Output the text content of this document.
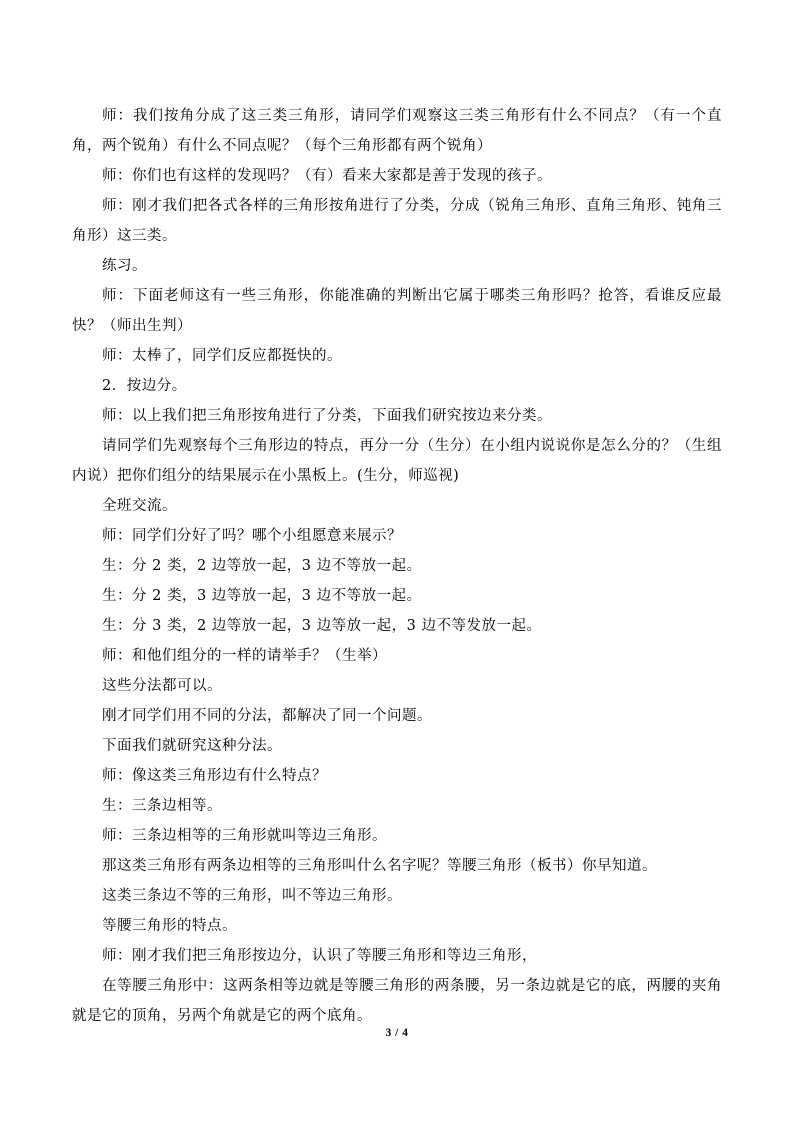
师：我们按角分成了这三类三角形，请同学们观察这三类三角形有什么不同点？（有一个直角，两个锐角）有什么不同点呢？（每个三角形都有两个锐角）

师：你们也有这样的发现吗？（有）看来大家都是善于发现的孩子。

师：刚才我们把各式各样的三角形按角进行了分类，分成（锐角三角形、直角三角形、钝角三角形）这三类。

练习。

师：下面老师这有一些三角形，你能准确的判断出它属于哪类三角形吗？抢答，看谁反应最快？（师出生判）

师：太棒了，同学们反应都挺快的。

2．按边分。

师：以上我们把三角形按角进行了分类，下面我们研究按边来分类。

请同学们先观察每个三角形边的特点，再分一分（生分）在小组内说说你是怎么分的？（生组内说）把你们组分的结果展示在小黑板上。(生分，师巡视)

全班交流。

师：同学们分好了吗？哪个小组愿意来展示？

生：分 2 类，2 边等放一起，3 边不等放一起。

生：分 2 类，3 边等放一起，3 边不等放一起。

生：分 3 类，2 边等放一起，3 边等放一起，3 边不等发放一起。

师：和他们组分的一样的请举手？（生举）

这些分法都可以。

刚才同学们用不同的分法，都解决了同一个问题。

下面我们就研究这种分法。

师：像这类三角形边有什么特点？

生：三条边相等。

师：三条边相等的三角形就叫等边三角形。

那这类三角形有两条边相等的三角形叫什么名字呢？等腰三角形（板书）你早知道。

这类三条边不等的三角形，叫不等边三角形。

等腰三角形的特点。

师：刚才我们把三角形按边分，认识了等腰三角形和等边三角形，

在等腰三角形中：这两条相等边就是等腰三角形的两条腰，另一条边就是它的底，两腰的夹角就是它的顶角，另两个角就是它的两个底角。

3 / 4
